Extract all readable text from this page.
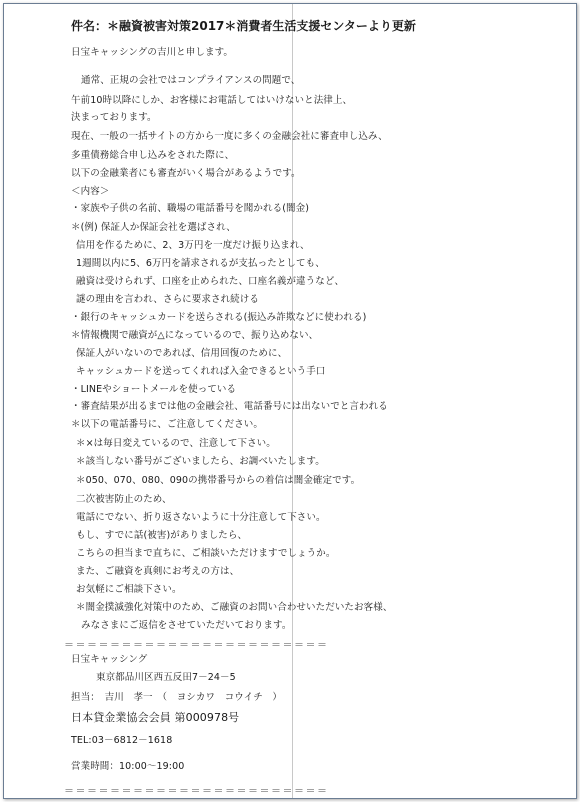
件名：＊融資被害対策2017＊消費者生活支援センターより更新
日宝キャッシングの吉川と申します。
通常、正規の会社ではコンプライアンスの問題で、
午前10時以降にしか、お客様にお電話してはいけないと法律上、
決まっております。
現在、一般の一括サイトの方から一度に多くの金融会社に審査申し込み、
多重債務総合申し込みをされた際に、
以下の金融業者にも審査がいく場合があるようです。
＜内容＞
・家族や子供の名前、職場の電話番号を聞かれる(闇金)
＊(例) 保証人か保証会社を選ばされ、
信用を作るために、2、3万円を一度だけ振り込まれ、
1週間以内に5、6万円を請求されるが支払ったとしても、
融資は受けられず、口座を止められた、口座名義が違うなど、
謎の理由を言われ、さらに要求され続ける
・銀行のキャッシュカードを送らされる(振込み詐欺などに使われる)
＊情報機関で融資が△になっているので、振り込めない、
保証人がいないのであれば、信用回復のために、
キャッシュカードを送ってくれれば入金できるという手口
・LINEやショートメールを使っている
・審査結果が出るまでは他の金融会社、電話番号には出ないでと言われる
＊以下の電話番号に、ご注意してください。
＊×は毎日変えているので、注意して下さい。
＊該当しない番号がございましたら、お調べいたします。
＊050、070、080、090の携帯番号からの着信は闇金確定です。
二次被害防止のため、
電話にでない、折り返さないように十分注意して下さい。
もし、すでに話(被害)がありましたら、
こちらの担当まで直ちに、ご相談いただけますでしょうか。
また、ご融資を真剣にお考えの方は、
お気軽にご相談下さい。
＊闇金撲滅強化対策中のため、ご融資のお問い合わせいただいたお客様、
みなさまにご返信をさせていただいております。
＝＝＝＝＝＝＝＝＝＝＝＝＝＝＝＝＝＝＝＝＝＝＝
日宝キャッシング
東京都品川区西五反田7－24－5
担当：　吉川　孝一　（　ヨシカワ　コウイチ　）
日本貸金業協会会員 第000978号
TEL:03－6812－1618
営業時間：10:00～19:00
＝＝＝＝＝＝＝＝＝＝＝＝＝＝＝＝＝＝＝＝＝＝＝
